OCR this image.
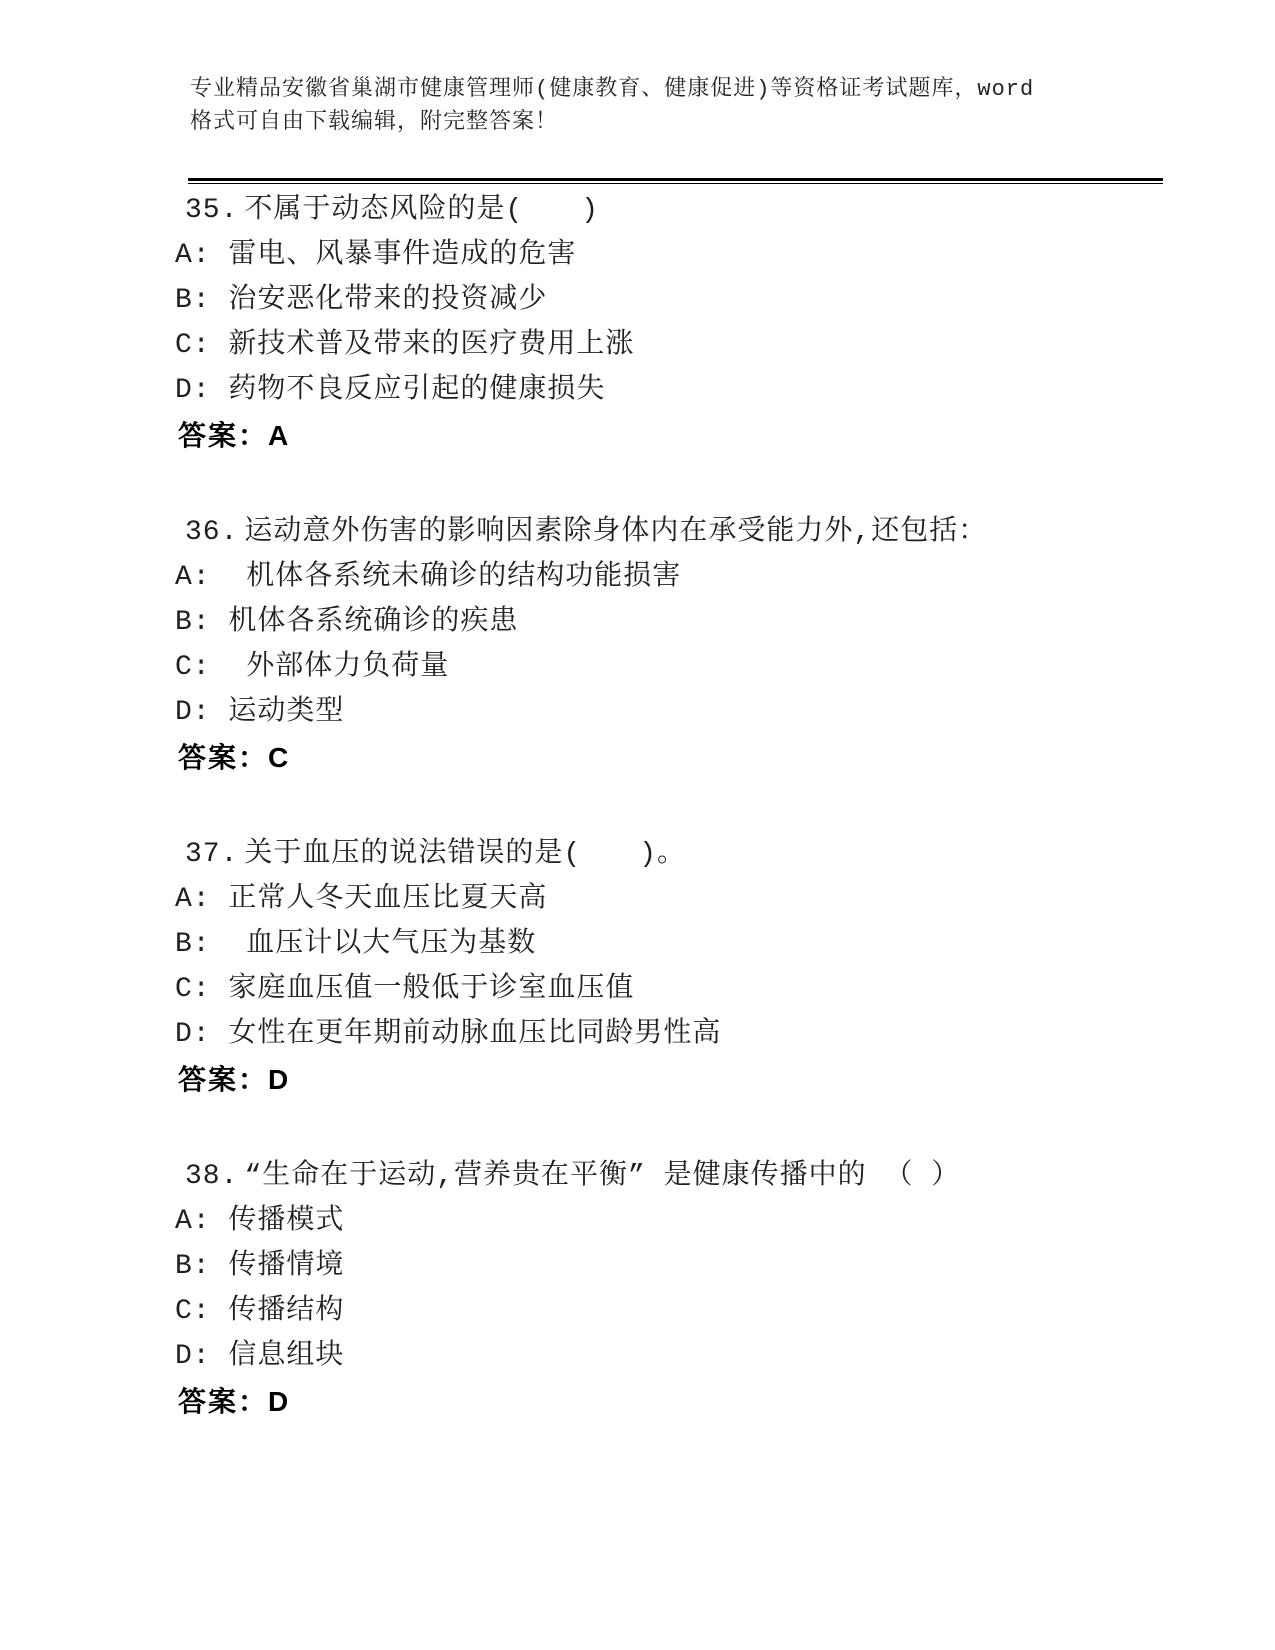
专业精品安徽省巢湖市健康管理师(健康教育、健康促进)等资格证考试题库，word
格式可自由下载编辑，附完整答案！
35. 不属于动态风险的是(　　)
A: 雷电、风暴事件造成的危害
B: 治安恶化带来的投资减少
C: 新技术普及带来的医疗费用上涨
D: 药物不良反应引起的健康损失
答案：A
36. 运动意外伤害的影响因素除身体内在承受能力外,还包括：
A:  机体各系统未确诊的结构功能损害
B: 机体各系统确诊的疾患
C:  外部体力负荷量
D: 运动类型
答案：C
37. 关于血压的说法错误的是(　　)。
A: 正常人冬天血压比夏天高
B:  血压计以大气压为基数
C: 家庭血压值一般低于诊室血压值
D: 女性在更年期前动脉血压比同龄男性高
答案：D
38. “生命在于运动,营养贵在平衡” 是健康传播中的 （ ）
A: 传播模式
B: 传播情境
C: 传播结构
D: 信息组块
答案：D
